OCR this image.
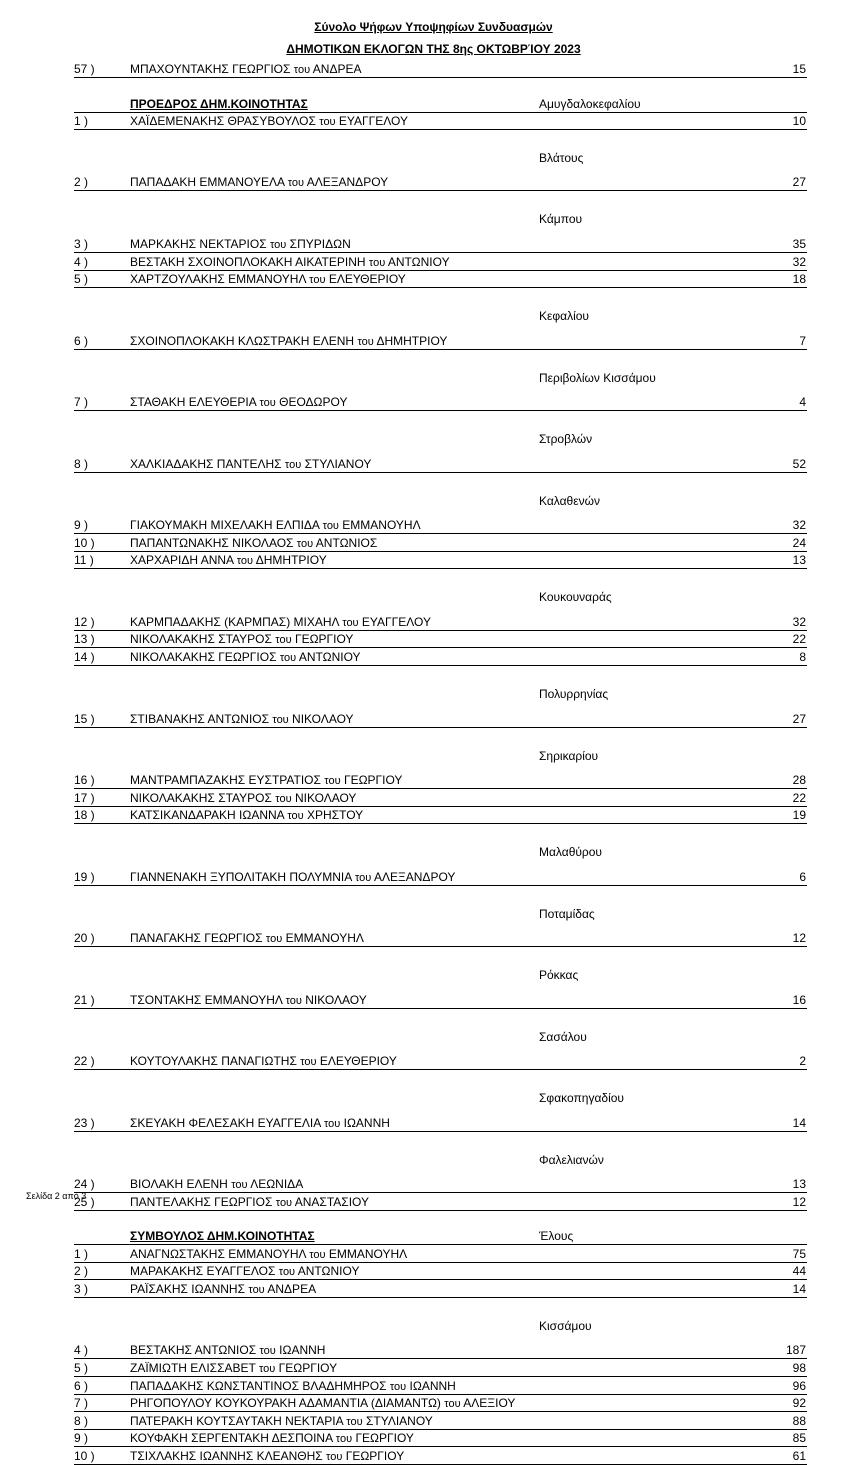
Σύνολο Ψήφων Υποψηφίων Συνδυασμών
ΔΗΜΟΤΙΚΩΝ ΕΚΛΟΓΩΝ ΤΗΣ 8ης ΟΚΤΩΒΡΊΟΥ 2023
57 )	ΜΠΑΧΟΥΝΤΑΚΗΣ ΓΕΩΡΓΙΟΣ του ΑΝΔΡΕΑ	15
ΠΡΟΕΔΡΟΣ ΔΗΜ.ΚΟΙΝΟΤΗΤΑΣ	Αμυγδαλοκεφαλίου
1 )	ΧΑΪΔΕΜΕΝΑΚΗΣ ΘΡΑΣΥΒΟΥΛΟΣ του ΕΥΑΓΓΕΛΟΥ	10
Βλάτους
2 )	ΠΑΠΑΔΑΚΗ ΕΜΜΑΝΟΥΕΛΑ του ΑΛΕΞΑΝΔΡΟΥ	27
Κάμπου
3 )	ΜΑΡΚΑΚΗΣ ΝΕΚΤΑΡΙΟΣ του ΣΠΥΡΙΔΩΝ	35
4 )	ΒΕΣΤΑΚΗ ΣΧΟΙΝΟΠΛΟΚΑΚΗ ΑΙΚΑΤΕΡΙΝΗ του ΑΝΤΩΝΙΟΥ	32
5 )	ΧΑΡΤΖΟΥΛΑΚΗΣ ΕΜΜΑΝΟΥΗΛ του ΕΛΕΥΘΕΡΙΟΥ	18
Κεφαλίου
6 )	ΣΧΟΙΝΟΠΛΟΚΑΚΗ ΚΛΩΣΤΡΑΚΗ ΕΛΕΝΗ του ΔΗΜΗΤΡΙΟΥ	7
Περιβολίων Κισσάμου
7 )	ΣΤΑΘΑΚΗ ΕΛΕΥΘΕΡΙΑ του ΘΕΟΔΩΡΟΥ	4
Στροβλών
8 )	ΧΑΛΚΙΑΔΑΚΗΣ ΠΑΝΤΕΛΗΣ του ΣΤΥΛΙΑΝΟΥ	52
Καλαθενών
9 )	ΓΙΑΚΟΥΜΑΚΗ ΜΙΧΕΛΑΚΗ ΕΛΠΙΔΑ του ΕΜΜΑΝΟΥΗΛ	32
10 )	ΠΑΠΑΝΤΩΝΑΚΗΣ ΝΙΚΟΛΑΟΣ του ΑΝΤΩΝΙΟΣ	24
11 )	ΧΑΡΧΑΡΙΔΗ ΑΝΝΑ του ΔΗΜΗΤΡΙΟΥ	13
Κουκουναράς
12 )	ΚΑΡΜΠΑΔΑΚΗΣ (ΚΑΡΜΠΑΣ) ΜΙΧΑΗΛ του ΕΥΑΓΓΕΛΟΥ	32
13 )	ΝΙΚΟΛΑΚΑΚΗΣ ΣΤΑΥΡΟΣ του ΓΕΩΡΓΙΟΥ	22
14 )	ΝΙΚΟΛΑΚΑΚΗΣ ΓΕΩΡΓΙΟΣ του ΑΝΤΩΝΙΟΥ	8
Πολυρρηνίας
15 )	ΣΤΙΒΑΝΑΚΗΣ ΑΝΤΩΝΙΟΣ του ΝΙΚΟΛΑΟΥ	27
Σηρικαρίου
16 )	ΜΑΝΤΡΑΜΠΑΖΑΚΗΣ ΕΥΣΤΡΑΤΙΟΣ του ΓΕΩΡΓΙΟΥ	28
17 )	ΝΙΚΟΛΑΚΑΚΗΣ ΣΤΑΥΡΟΣ του ΝΙΚΟΛΑΟΥ	22
18 )	ΚΑΤΣΙΚΑΝΔΑΡΑΚΗ ΙΩΑΝΝΑ του ΧΡΗΣΤΟΥ	19
Μαλαθύρου
19 )	ΓΙΑΝΝΕΝΑΚΗ ΞΥΠΟΛΙΤΑΚΗ ΠΟΛΥΜΝΙΑ του ΑΛΕΞΑΝΔΡΟΥ	6
Ποταμίδας
20 )	ΠΑΝΑΓΑΚΗΣ ΓΕΩΡΓΙΟΣ του ΕΜΜΑΝΟΥΗΛ	12
Ρόκκας
21 )	ΤΣΟΝΤΑΚΗΣ ΕΜΜΑΝΟΥΗΛ του ΝΙΚΟΛΑΟΥ	16
Σασάλου
22 )	ΚΟΥΤΟΥΛΑΚΗΣ ΠΑΝΑΓΙΩΤΗΣ του ΕΛΕΥΘΕΡΙΟΥ	2
Σφακοπηγαδίου
23 )	ΣΚΕΥΑΚΗ ΦΕΛΕΣΑΚΗ ΕΥΑΓΓΕΛΙΑ του ΙΩΑΝΝΗ	14
Φαλελιανών
24 )	ΒΙΟΛΑΚΗ ΕΛΕΝΗ του ΛΕΩΝΙΔΑ	13
25 )	ΠΑΝΤΕΛΑΚΗΣ ΓΕΩΡΓΙΟΣ του ΑΝΑΣΤΑΣΙΟΥ	12
ΣΥΜΒΟΥΛΟΣ ΔΗΜ.ΚΟΙΝΟΤΗΤΑΣ	Έλους
1 )	ΑΝΑΓΝΩΣΤΑΚΗΣ ΕΜΜΑΝΟΥΗΛ του ΕΜΜΑΝΟΥΗΛ	75
2 )	ΜΑΡΑΚΑΚΗΣ ΕΥΑΓΓΕΛΟΣ του ΑΝΤΩΝΙΟΥ	44
3 )	ΡΑΪΣΑΚΗΣ ΙΩΑΝΝΗΣ του ΑΝΔΡΕΑ	14
Κισσάμου
4 )	ΒΕΣΤΑΚΗΣ ΑΝΤΩΝΙΟΣ του ΙΩΑΝΝΗ	187
5 )	ΖΑΪΜΙΩΤΗ ΕΛΙΣΣΑΒΕΤ του ΓΕΩΡΓΙΟΥ	98
6 )	ΠΑΠΑΔΑΚΗΣ ΚΩΝΣΤΑΝΤΙΝΟΣ ΒΛΑΔΗΜΗΡΟΣ του ΙΩΑΝΝΗ	96
7 )	ΡΗΓΟΠΟΥΛΟΥ ΚΟΥΚΟΥΡΑΚΗ ΑΔΑΜΑΝΤΙΑ (ΔΙΑΜΑΝΤΩ) του ΑΛΕΞΙΟΥ	92
8 )	ΠΑΤΕΡΑΚΗ ΚΟΥΤΣΑΥΤΑΚΗ ΝΕΚΤΑΡΙΑ του ΣΤΥΛΙΑΝΟΥ	88
9 )	ΚΟΥΦΑΚΗ ΣΕΡΓΕΝΤΑΚΗ ΔΕΣΠΟΙΝΑ του ΓΕΩΡΓΙΟΥ	85
10 )	ΤΣΙΧΛΑΚΗΣ ΙΩΑΝΝΗΣ ΚΛΕΑΝΘΗΣ του ΓΕΩΡΓΙΟΥ	61
Σελίδα 2 από 3
